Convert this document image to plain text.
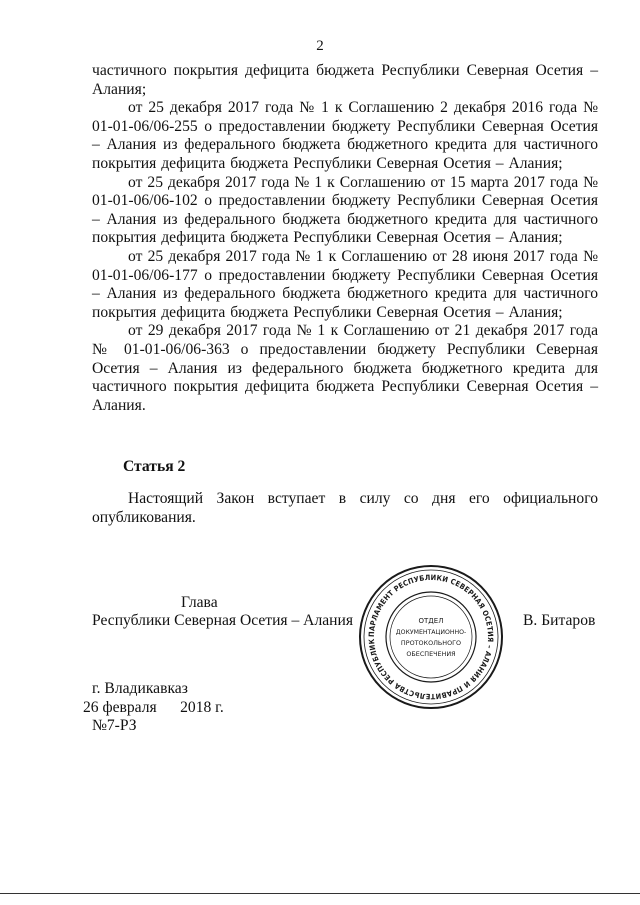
2

частичного покрытия дефицита бюджета Республики Северная Осетия – Алания;

от 25 декабря 2017 года № 1 к Соглашению 2 декабря 2016 года № 01-01-06/06-255 о предоставлении бюджету Республики Северная Осетия – Алания из федерального бюджета бюджетного кредита для частичного покрытия дефицита бюджета Республики Северная Осетия – Алания;

от 25 декабря 2017 года № 1 к Соглашению от 15 марта 2017 года № 01-01-06/06-102 о предоставлении бюджету Республики Северная Осетия – Алания из федерального бюджета бюджетного кредита для частичного покрытия дефицита бюджета Республики Северная Осетия – Алания;

от 25 декабря 2017 года № 1 к Соглашению от 28 июня 2017 года № 01-01-06/06-177 о предоставлении бюджету Республики Северная Осетия – Алания из федерального бюджета бюджетного кредита для частичного покрытия дефицита бюджета Республики Северная Осетия – Алания;

от 29 декабря 2017 года № 1 к Соглашению от 21 декабря 2017 года № 01-01-06/06-363 о предоставлении бюджету Республики Северная Осетия – Алания из федерального бюджета бюджетного кредита для частичного покрытия дефицита бюджета Республики Северная Осетия – Алания.

Статья 2

Настоящий Закон вступает в силу со дня его официального опубликования.

Глава
Республики Северная Осетия – Алания	В. Битаров
ПАРЛАМЕНТ РЕСПУБЛИКИ СЕВЕРНАЯ ОСЕТИЯ – АЛАНИЯ И ПРАВИТЕЛЬСТВА РЕСПУБЛИК
ОТДЕЛ
ДОКУМЕНТАЦИОННО-
ПРОТОКОЛЬНОГО
ОБЕСПЕЧЕНИЯ
г. Владикавказ
26 февраля 2018 г.
№7-РЗ
